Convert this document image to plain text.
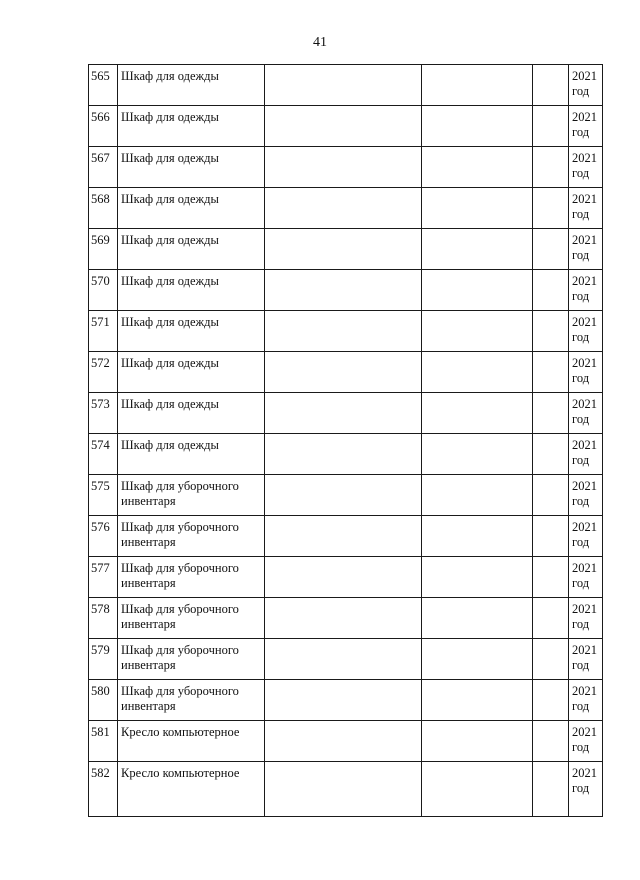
41
565	Шкаф для одежды				2021
год

566	Шкаф для одежды				2021
год

567	Шкаф для одежды				2021
год

568	Шкаф для одежды				2021
год

569	Шкаф для одежды				2021
год

570	Шкаф для одежды				2021
год

571	Шкаф для одежды				2021
год

572	Шкаф для одежды				2021
год

573	Шкаф для одежды				2021
год

574	Шкаф для одежды				2021
год

575	Шкаф для уборочного инвентаря				2021
год

576	Шкаф для уборочного инвентаря				2021
год

577	Шкаф для уборочного инвентаря				2021
год

578	Шкаф для уборочного инвентаря				2021
год

579	Шкаф для уборочного инвентаря				2021
год

580	Шкаф для уборочного инвентаря				2021
год

581	Кресло компьютерное				2021
год

582	Кресло компьютерное				2021
год
